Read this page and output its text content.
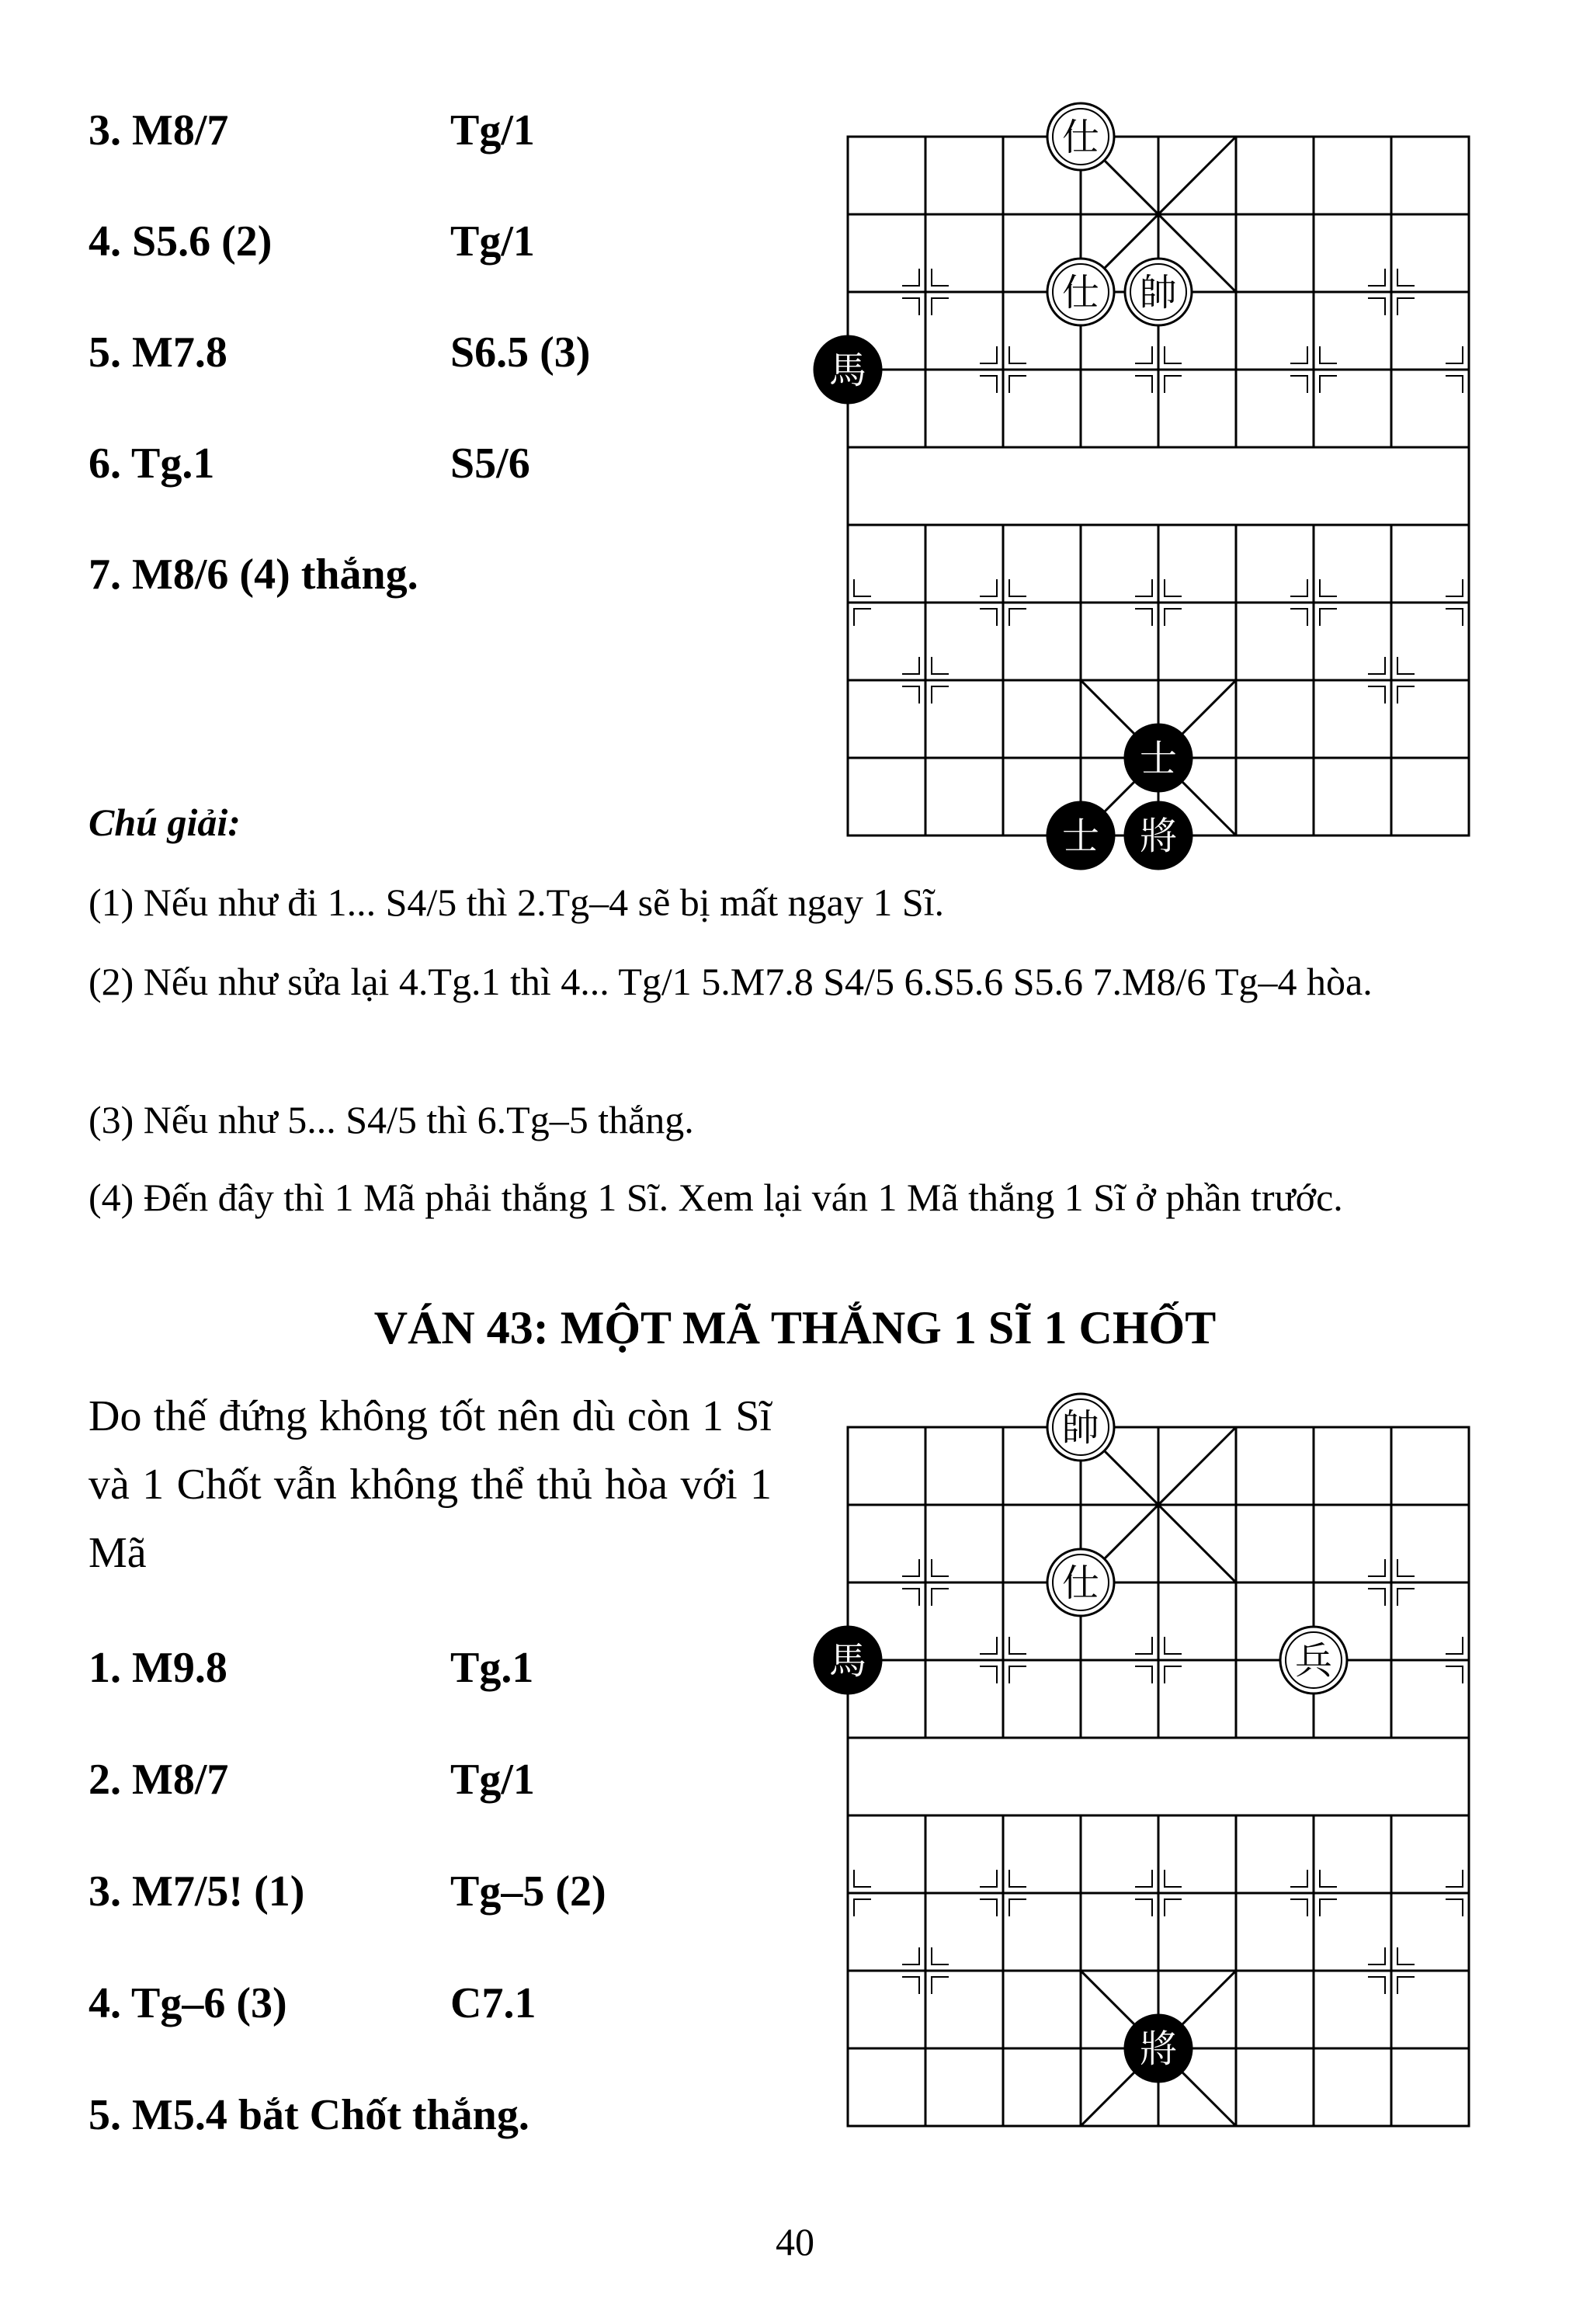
3. M8/7	Tg/1
4. S5.6 (2)	Tg/1
5. M7.8	S6.5 (3)
6. Tg.1	S5/6
7. M8/6 (4) thắng.
仕
仕 帥
馬
士
士 將
Chú giải:
(1) Nếu như đi 1... S4/5 thì 2.Tg–4 sẽ bị mất ngay 1 Sĩ.
(2) Nếu như sửa lại 4.Tg.1 thì 4... Tg/1 5.M7.8 S4/5 6.S5.6 S5.6 7.M8/6 Tg–4 hòa.
(3) Nếu như 5... S4/5 thì 6.Tg–5 thắng.
(4) Đến đây thì 1 Mã phải thắng 1 Sĩ. Xem lại ván 1 Mã thắng 1 Sĩ ở phần trước.
VÁN 43: MỘT MÃ THẮNG 1 SĨ 1 CHỐT
Do thế đứng không tốt nên dù còn 1 Sĩ và 1 Chốt vẫn không thể thủ hòa với 1 Mã
1. M9.8	Tg.1
2. M8/7	Tg/1
3. M7/5! (1)	Tg–5 (2)
4. Tg–6 (3)	C7.1
5. M5.4 bắt Chốt thắng.
帥
仕
兵
馬
將
40
